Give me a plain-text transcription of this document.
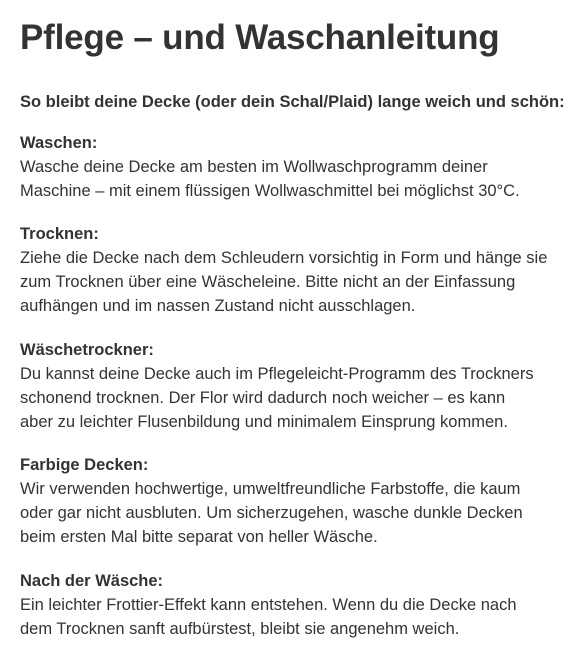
Pflege – und Waschanleitung

So bleibt deine Decke (oder dein Schal/Plaid) lange weich und schön:

Waschen:

Wasche deine Decke am besten im Wollwaschprogramm deiner
Maschine – mit einem flüssigen Wollwaschmittel bei möglichst 30°C.

Trocknen:

Ziehe die Decke nach dem Schleudern vorsichtig in Form und hänge sie
zum Trocknen über eine Wäscheleine. Bitte nicht an der Einfassung
aufhängen und im nassen Zustand nicht ausschlagen.

Wäschetrockner:

Du kannst deine Decke auch im Pflegeleicht-Programm des Trockners
schonend trocknen. Der Flor wird dadurch noch weicher – es kann
aber zu leichter Flusenbildung und minimalem Einsprung kommen.

Farbige Decken:

Wir verwenden hochwertige, umweltfreundliche Farbstoffe, die kaum
oder gar nicht ausbluten. Um sicherzugehen, wasche dunkle Decken
beim ersten Mal bitte separat von heller Wäsche.

Nach der Wäsche:

Ein leichter Frottier-Effekt kann entstehen. Wenn du die Decke nach
dem Trocknen sanft aufbürstest, bleibt sie angenehm weich.
